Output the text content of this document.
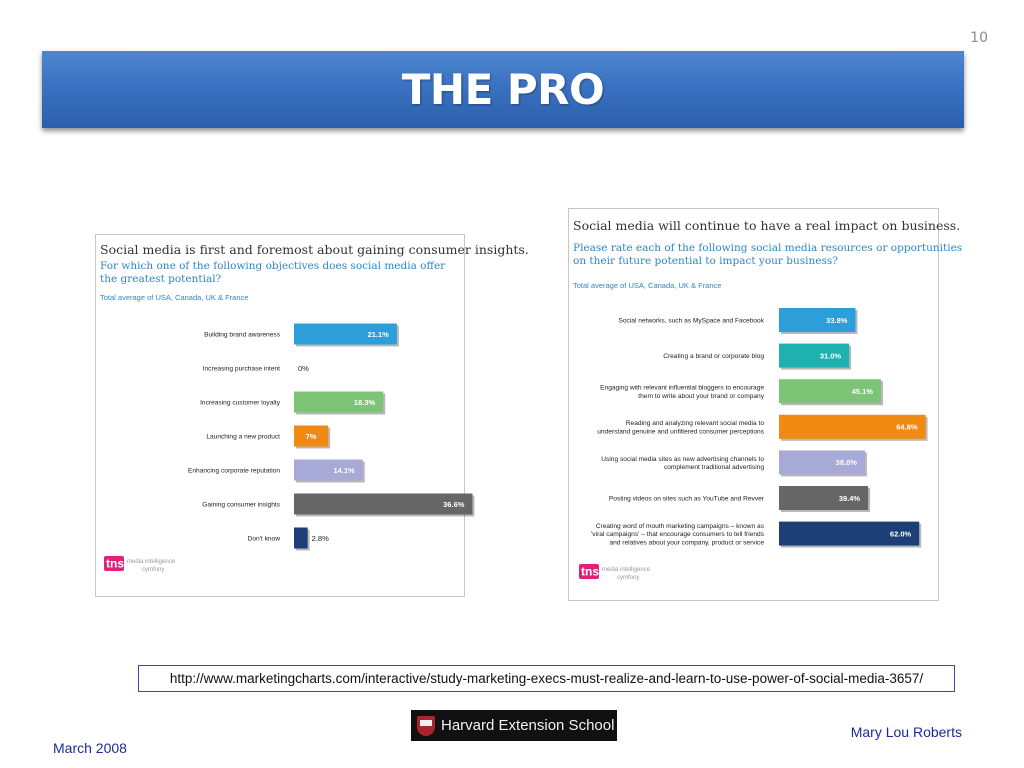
10
THE PRO
Social media is first and foremost about gaining consumer insights.
For which one of the following objectives does social media offer
the greatest potential?
Total average of USA, Canada, UK & France
Building brand awareness	21.1%
Increasing purchase intent 0%
Increasing customer loyalty	18.3%
Launching a new product	7%
Enhancing corporate reputation	14.1%
Gaining consumer insights	36.6%
Don't know	2.8%
tns media intelligence
cymfony
Social media will continue to have a real impact on business.
Please rate each of the following social media resources or opportunities
on their future potential to impact your business?
Total average of USA, Canada, UK & France
Social networks, such as MySpace and Facebook	33.8%
Creating a brand or corporate blog	31.0%
Engaging with relevant influential bloggers to encourage
them to write about your brand or company
45.1%
Reading and analyzing relevant social media to
understand genuine and unfiltered consumer perceptions
64.8%
Using social media sites as new advertising channels to
complement traditional advertising
38.0%
Posting videos on sites such as YouTube and Revver	39.4%
Creating word of mouth marketing campaigns – known as
'viral campaigns' – that encourage consumers to tell friends
and relatives about your company, product or service
62.0%
tns media intelligence
cymfony
http://www.marketingcharts.com/interactive/study-marketing-execs-must-realize-and-learn-to-use-power-of-social-media-3657/
Harvard Extension School	Mary Lou Roberts
March 2008
